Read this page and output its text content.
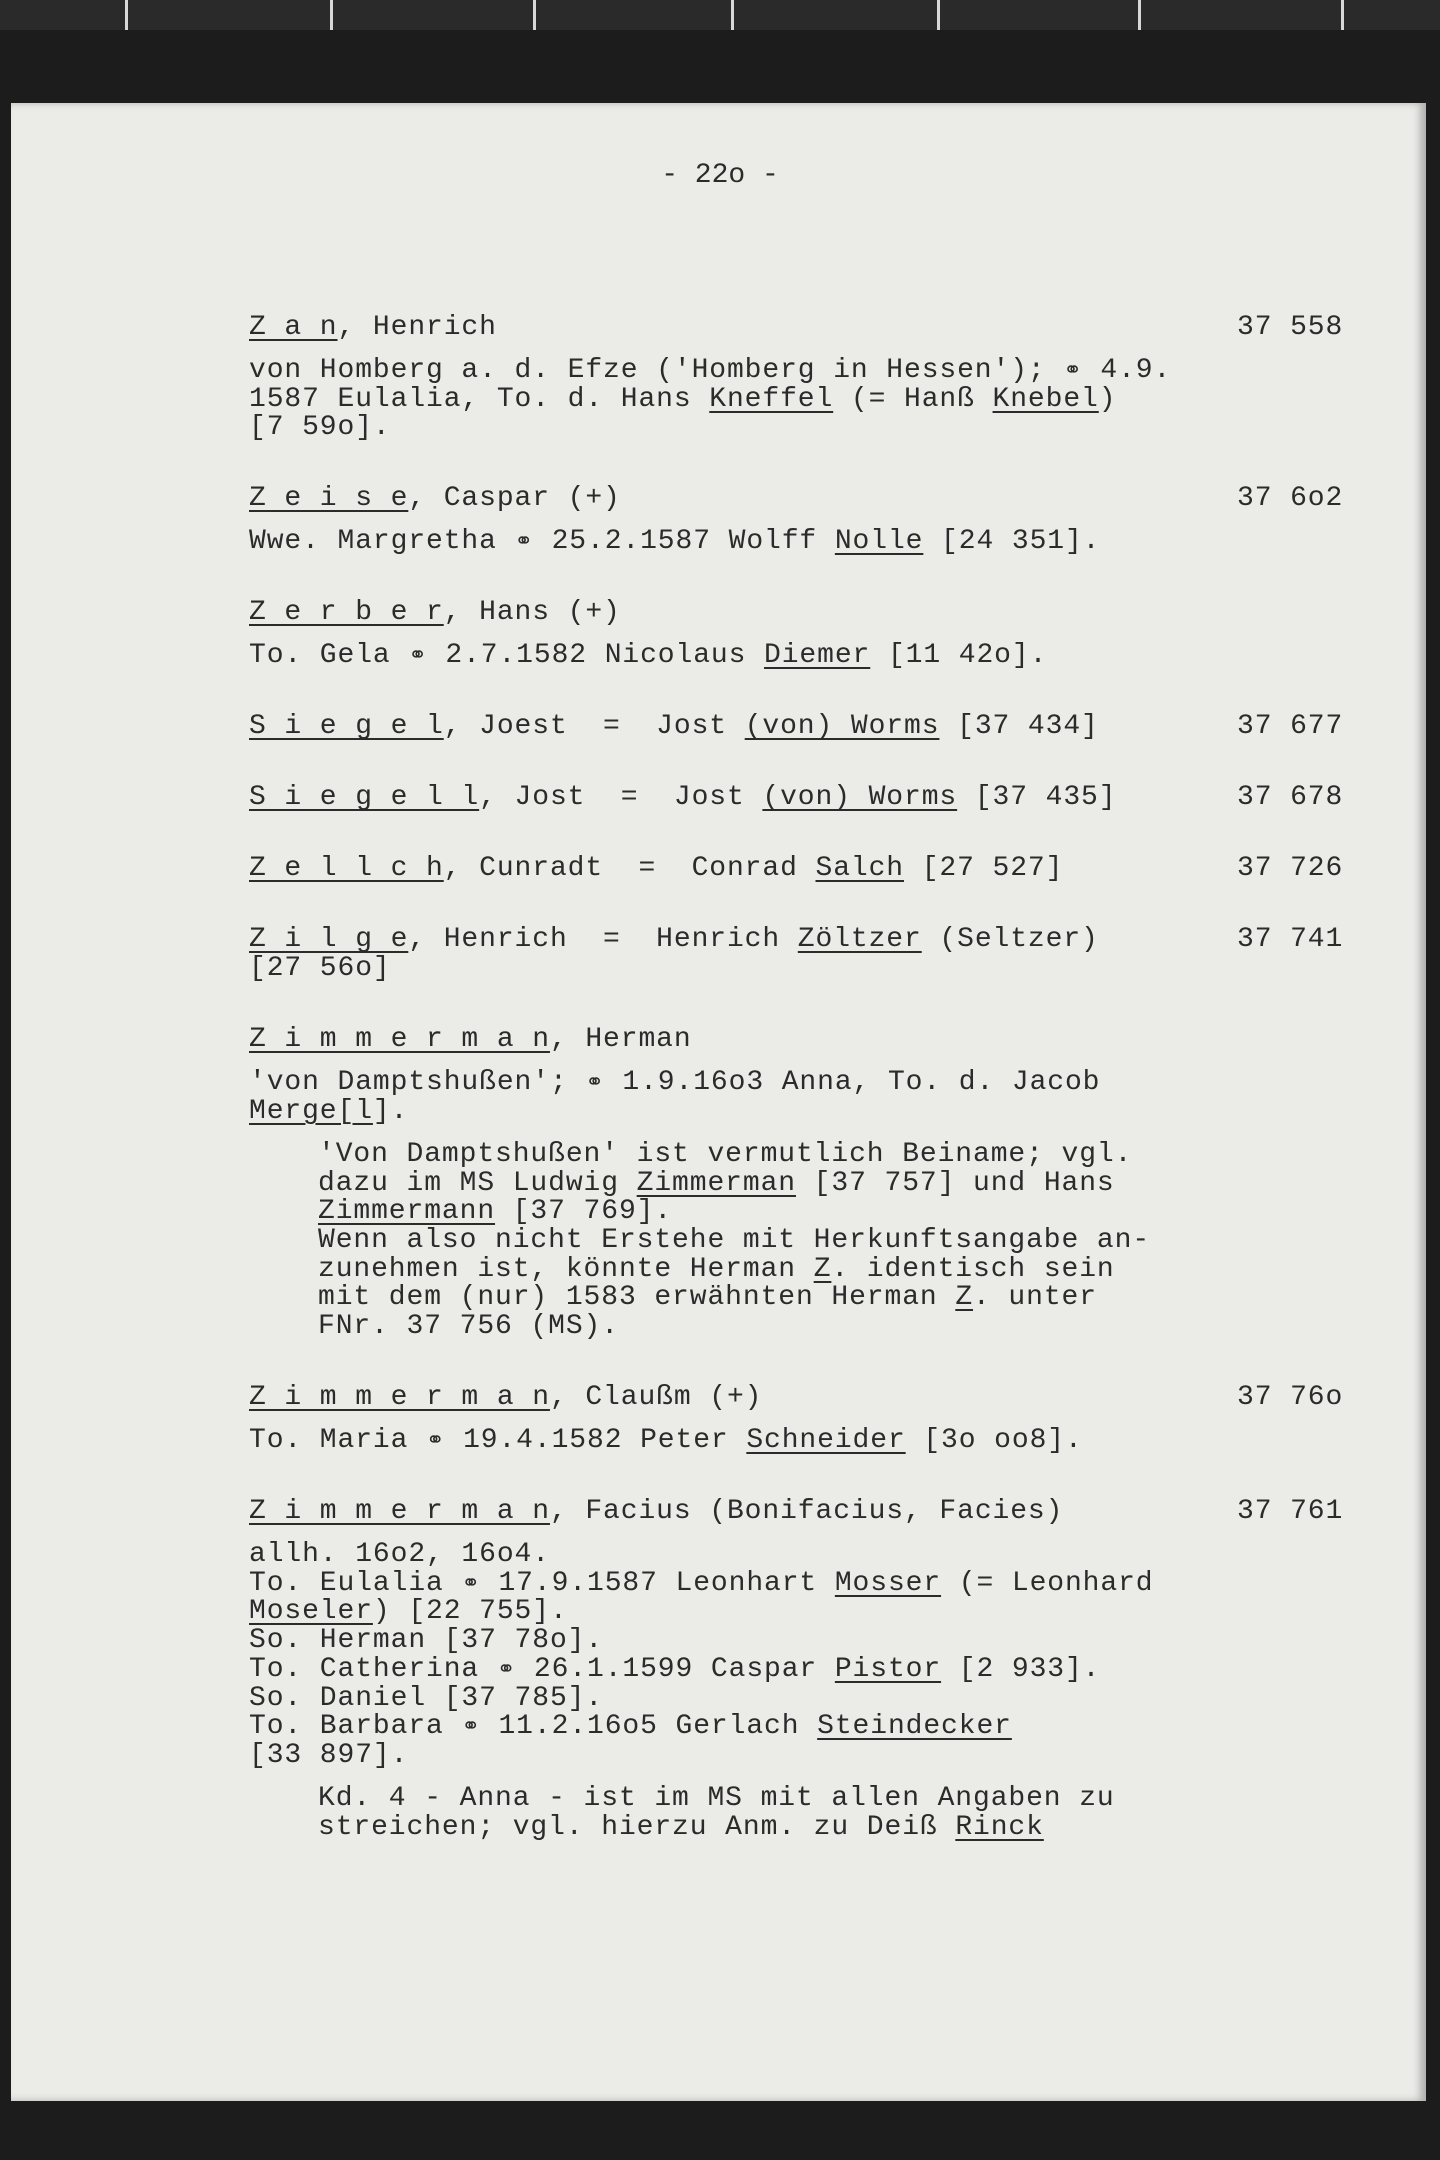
- 22o -
Z a n, Henrich	37 558
von Homberg a. d. Efze ('Homberg in Hessen'); ⚭ 4.9.
1587 Eulalia, To. d. Hans Kneffel (= Hanß Knebel)
[7 59o].
Z e i s e, Caspar (+)	37 6o2
Wwe. Margretha ⚭ 25.2.1587 Wolff Nolle [24 351].
Z e r b e r, Hans (+)
To. Gela ⚭ 2.7.1582 Nicolaus Diemer [11 42o].
S i e g e l, Joest  =  Jost (von) Worms [37 434]	37 677
S i e g e l l, Jost  =  Jost (von) Worms [37 435]	37 678
Z e l l c h, Cunradt  =  Conrad Salch [27 527]	37 726
Z i l g e, Henrich  =  Henrich Zöltzer (Seltzer)	37 741
[27 56o]
Z i m m e r m a n, Herman
'von Damptshußen'; ⚭ 1.9.16o3 Anna, To. d. Jacob
Merge[l].
'Von Damptshußen' ist vermutlich Beiname; vgl.
dazu im MS Ludwig Zimmerman [37 757] und Hans
Zimmermann [37 769].
Wenn also nicht Erstehe mit Herkunftsangabe an-
zunehmen ist, könnte Herman Z. identisch sein
mit dem (nur) 1583 erwähnten Herman Z. unter
FNr. 37 756 (MS).
Z i m m e r m a n, Claußm (+)	37 76o
To. Maria ⚭ 19.4.1582 Peter Schneider [3o oo8].
Z i m m e r m a n, Facius (Bonifacius, Facies)	37 761
allh. 16o2, 16o4.
To. Eulalia ⚭ 17.9.1587 Leonhart Mosser (= Leonhard
Moseler) [22 755].
So. Herman [37 78o].
To. Catherina ⚭ 26.1.1599 Caspar Pistor [2 933].
So. Daniel [37 785].
To. Barbara ⚭ 11.2.16o5 Gerlach Steindecker
[33 897].
Kd. 4 - Anna - ist im MS mit allen Angaben zu
streichen; vgl. hierzu Anm. zu Deiß Rinck
